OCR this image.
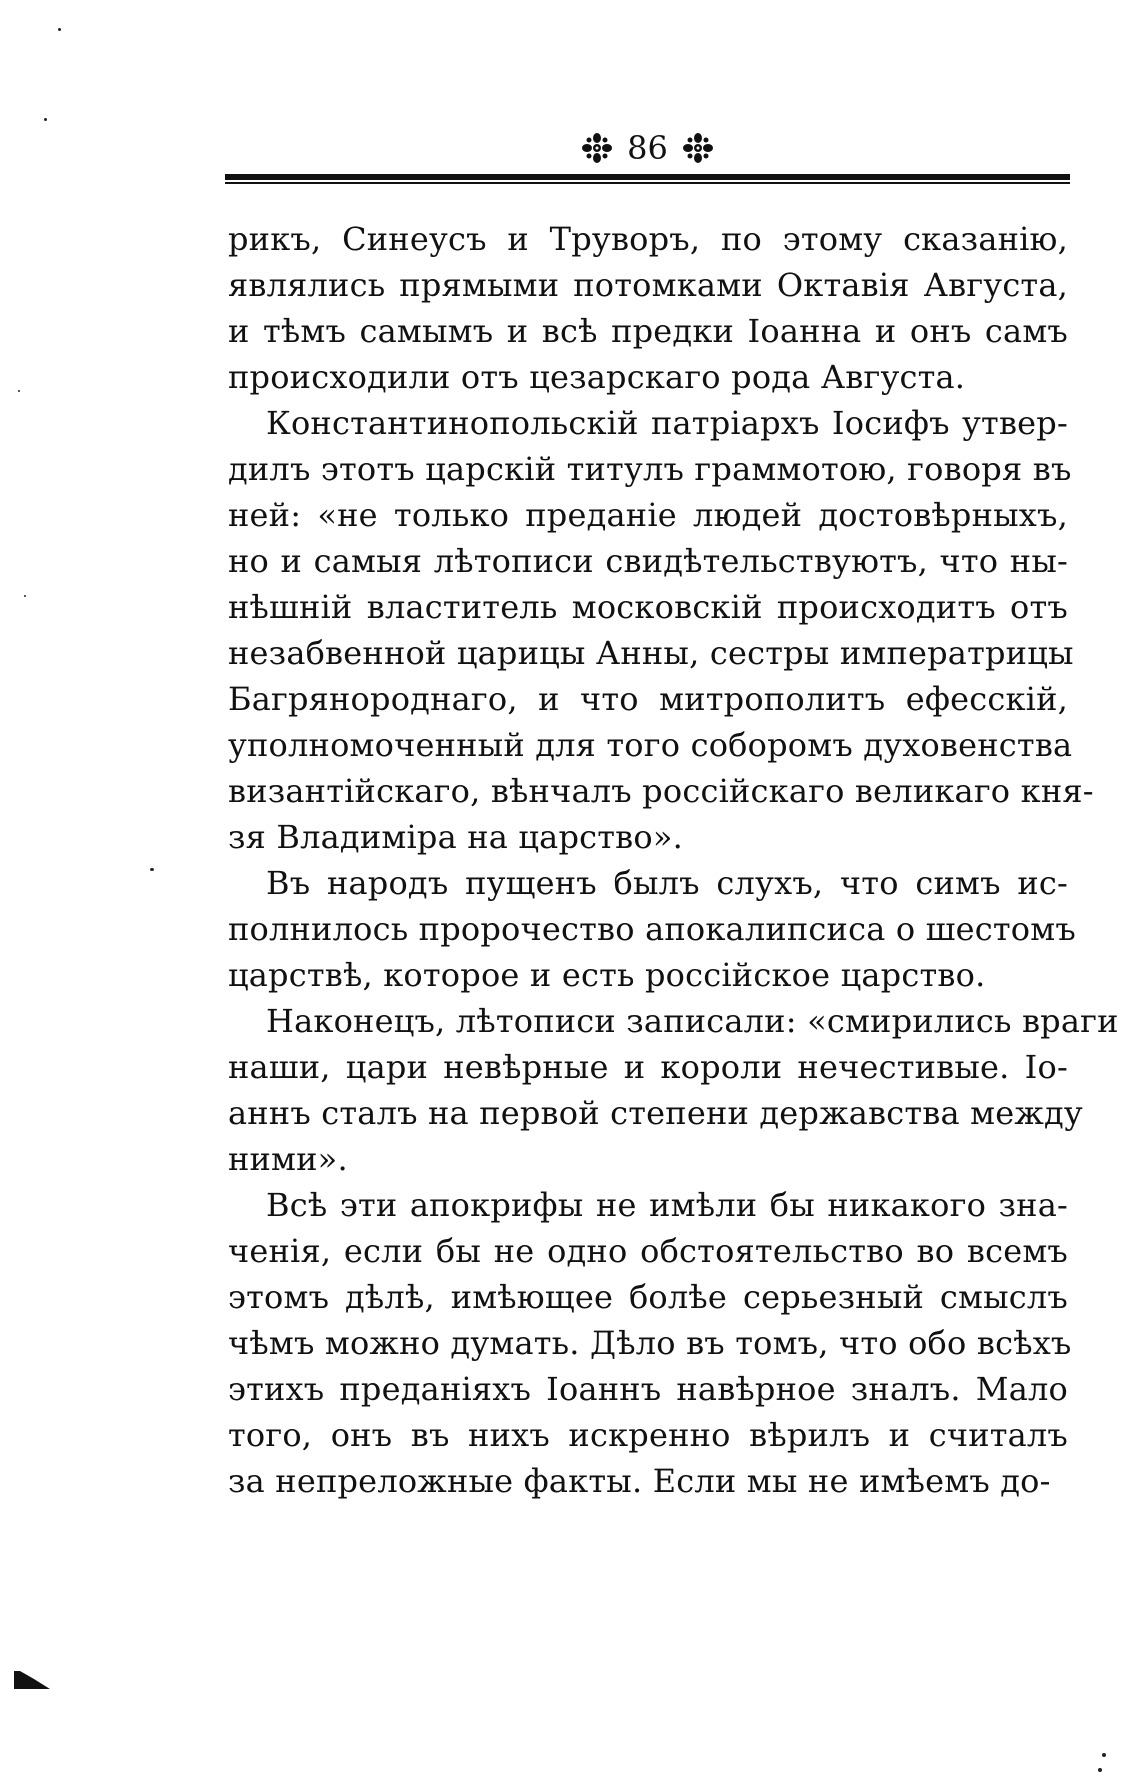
86
рикъ, Синеусъ и Труворъ, по этому сказанію,
являлись прямыми потомками Октавія Августа,
и тѣмъ самымъ и всѣ предки Іоанна и онъ самъ
происходили отъ цезарскаго рода Августа.
Константинопольскій патріархъ Іосифъ утвер-
дилъ этотъ царскій титулъ граммотою, говоря въ
ней: «не только преданіе людей достовѣрныхъ,
но и самыя лѣтописи свидѣтельствуютъ, что ны-
нѣшній властитель московскій происходитъ отъ
незабвенной царицы Анны, сестры императрицы
Багрянороднаго, и что митрополитъ ефесскій,
уполномоченный для того соборомъ духовенства
византійскаго, вѣнчалъ россійскаго великаго кня-
зя Владиміра на царство».
Въ народъ пущенъ былъ слухъ, что симъ ис-
полнилось пророчество апокалипсиса о шестомъ
царствѣ, которое и есть россійское царство.
Наконецъ, лѣтописи записали: «смирились враги
наши, цари невѣрные и короли нечестивые. Іо-
аннъ сталъ на первой степени державства между
ними».
Всѣ эти апокрифы не имѣли бы никакого зна-
ченія, если бы не одно обстоятельство во всемъ
этомъ дѣлѣ, имѣющее болѣе серьезный смыслъ
чѣмъ можно думать. Дѣло въ томъ, что обо всѣхъ
этихъ преданіяхъ Іоаннъ навѣрное зналъ. Мало
того, онъ въ нихъ искренно вѣрилъ и считалъ
за непреложные факты. Если мы не имѣемъ до-
